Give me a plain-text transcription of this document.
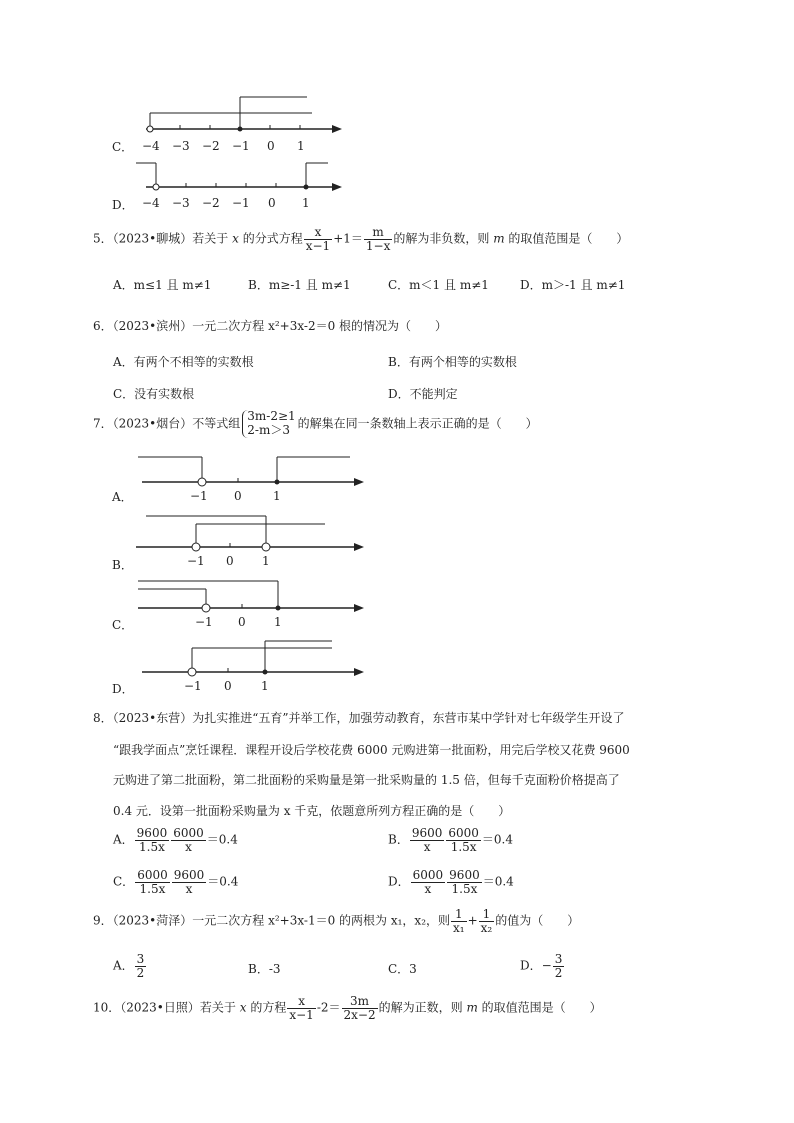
C． −4 −3 −2 −1 0 1
D． −4 −3 −2 −1 0 1
5．（2023•聊城）若关于 x 的分式方程 $\frac{x}{x-1} +1= \frac{m}{1-x}$ 的解为非负数，则 m 的取值范围是（　　）
A．m≤1 且 m≠1	B．m≥-1 且 m≠1	C．m＜1 且 m≠1	D．m＞-1 且 m≠1
6．（2023•滨州）一元二次方程 x²+3x-2＝0 根的情况为（　　）
A．有两个不相等的实数根	B．有两个相等的实数根
C．没有实数根	D．不能判定
7．（2023•烟台）不等式组
3m-2≥1
2-m＞3 的解集在同一条数轴上表示正确的是（　　）
A．	−1 0	1
B．	−1 0 1
C．	−1 0 1
D．	−1 0 1
8．（2023•东营）为扎实推进“五育”并举工作，加强劳动教育，东营市某中学针对七年级学生开设了
“跟我学面点”烹饪课程．课程开设后学校花费 6000 元购进第一批面粉，用完后学校又花费 9600
元购进了第二批面粉，第二批面粉的采购量是第一批采购量的 1.5 倍，但每千克面粉价格提高了
0.4 元．设第一批面粉采购量为 x 千克，依题意所列方程正确的是（　　）
A． $\frac{9600}{1.5x} \frac{6000}{x} =0.4$	B． $\frac{9600}{x} \frac{6000}{1.5x} =0.4$
C． $\frac{6000}{1.5x} \frac{9600}{x} =0.4$	D． $\frac{6000}{x} \frac{9600}{1.5x} =0.4$
9．（2023•菏泽）一元二次方程 x²+3x-1＝0 的两根为 x₁，x₂，则 $\frac{1}{\text{x₁}} + \frac{1}{\text{x₂}}$ 的值为（　　）
A． $\frac{3}{2}$	B．-3	C．3	D．− $\frac{3}{2}$
10．（2023•日照）若关于 x 的方程 $\frac{x}{x-1} -2= \frac{3m}{2x-2}$ 的解为正数，则 m 的取值范围是（　　）
